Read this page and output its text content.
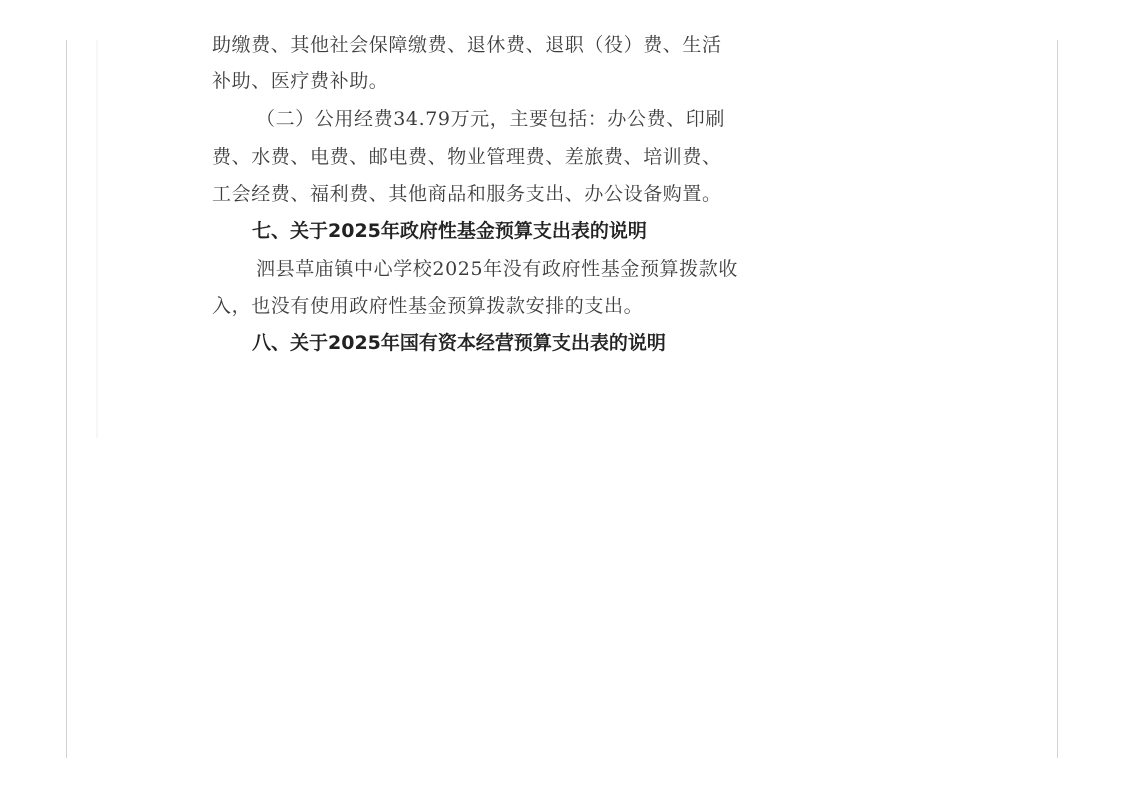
助缴费、其他社会保障缴费、退休费、退职（役）费、生活
补助、医疗费补助。
（二）公用经费34.79万元，主要包括：办公费、印刷
费、水费、电费、邮电费、物业管理费、差旅费、培训费、
工会经费、福利费、其他商品和服务支出、办公设备购置。
七、关于2025年政府性基金预算支出表的说明
泗县草庙镇中心学校2025年没有政府性基金预算拨款收
入，也没有使用政府性基金预算拨款安排的支出。
八、关于2025年国有资本经营预算支出表的说明
